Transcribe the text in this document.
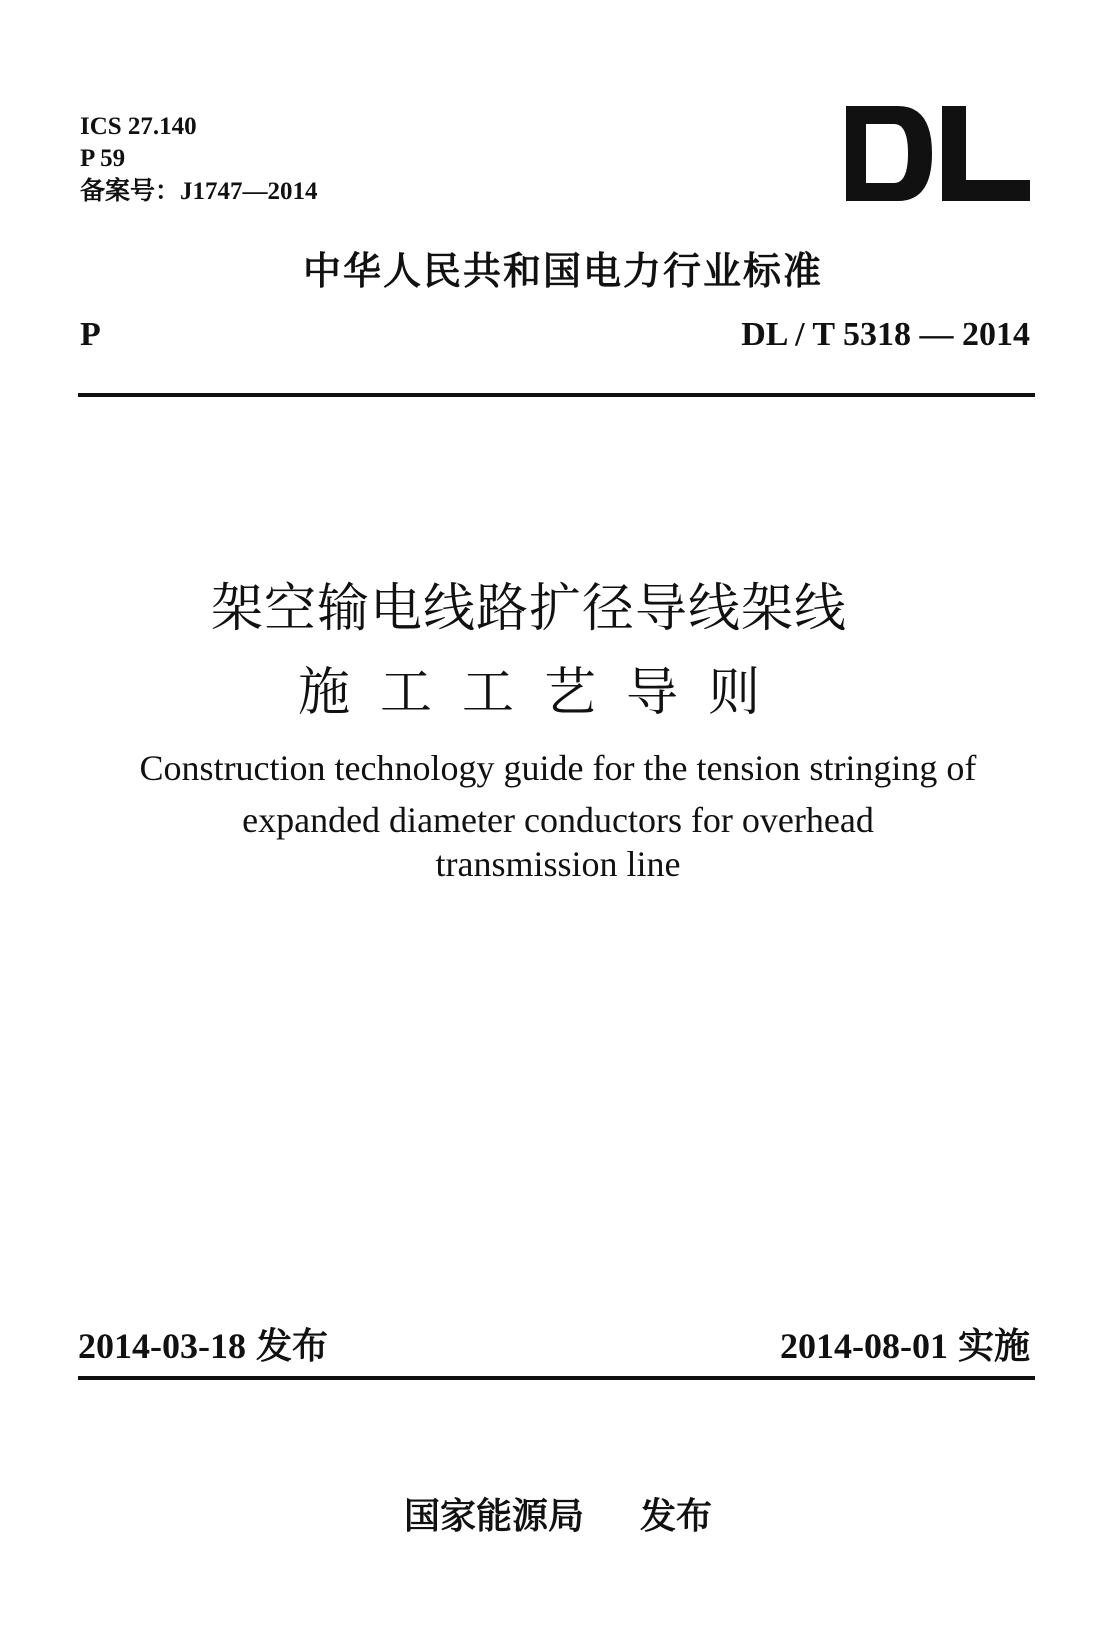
ICS 27.140
P 59
备案号：J1747—2014
中华人民共和国电力行业标准
P	DL / T 5318 — 2014
架空输电线路扩径导线架线
施工工艺导则
Construction technology guide for the tension stringing of
expanded diameter conductors for overhead
transmission line
2014-03-18 发布	2014-08-01 实施
国家能源局 发布
